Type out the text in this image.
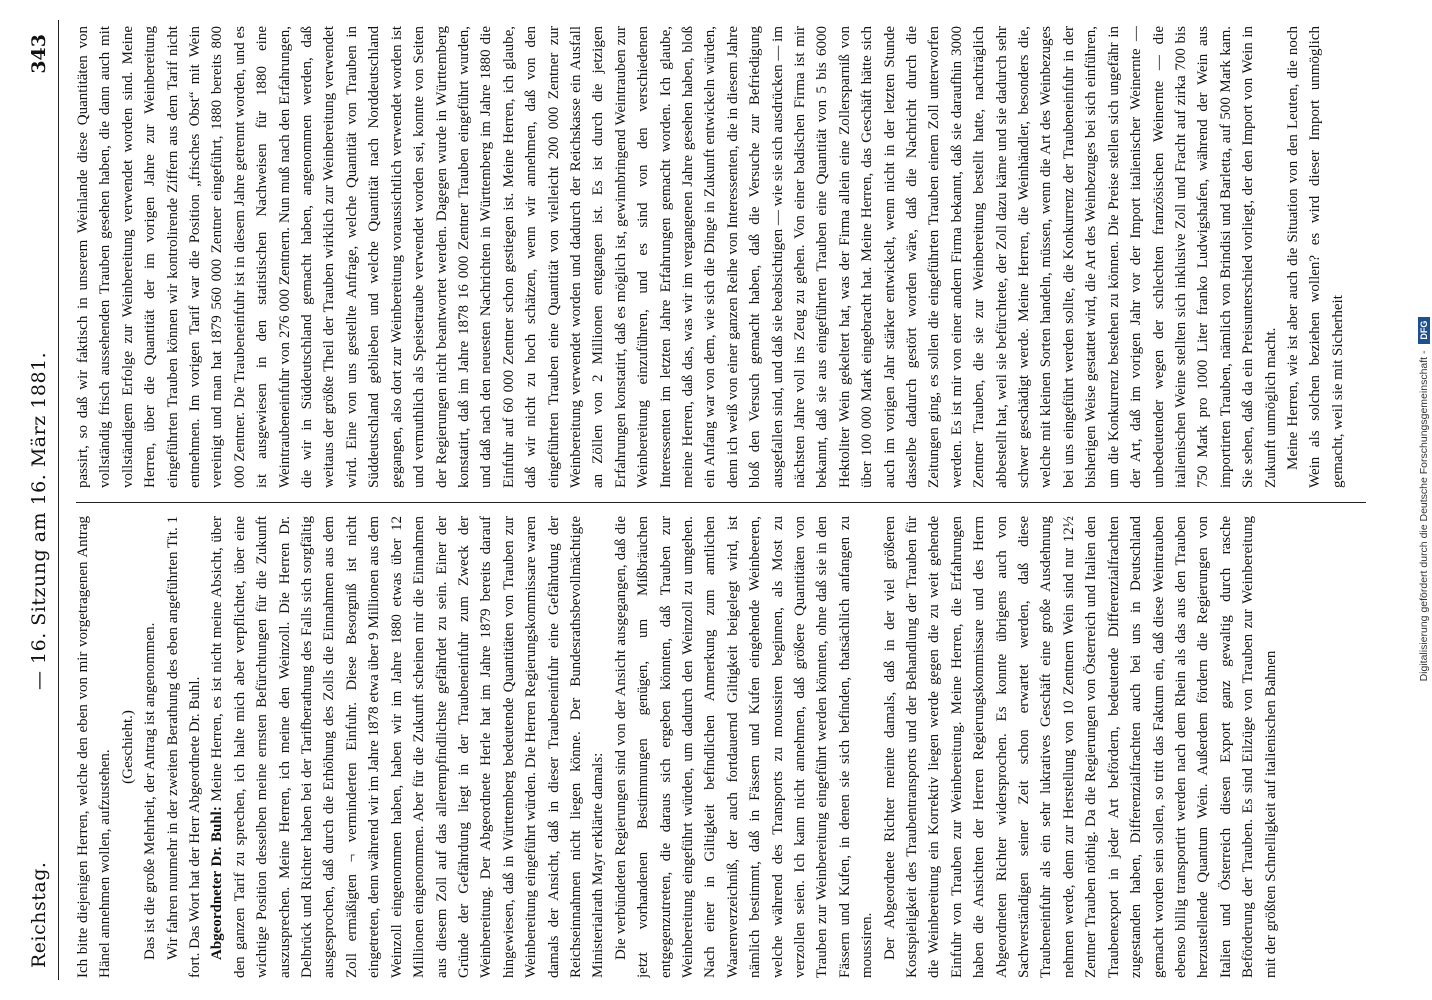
Reichstag.
— 16. Sitzung am 16. März 1881.
343

Ich bitte diejenigen Herren, welche den eben von mir vorgetragenen Antrag Hänel annehmen wollen, aufzustehen.

(Geschieht.) Das ist die große Mehrheit, der Antrag ist angenommen. Wir fahren nunmehr in der zweiten Berathung des eben angeführten Tit. 1 fort. Das Wort hat der Herr Abgeordnete Dr. Buhl. Abgeordneter Dr. Buhl: Meine Herren, es ist nicht meine Absicht, über den ganzen Tarif zu sprechen, ich halte mich aber verpflichtet, über eine wichtige Position desselben meine ernsten Befürchtungen für die Zukunft auszusprechen. Meine Herren, ich meine den Weinzoll. Die Herren Dr. Delbrück und Richter haben bei der Tarifberathung des Falls sich sorgfältig ausgesprochen, daß durch die Erhöhung des Zolls die Einnahmen aus dem Zoll ermäßigten ¬ verminderten Einfuhr. Diese Besorgniß ist nicht eingetreten, denn während wir im Jahre 1878 etwa über 9 Millionen aus dem Weinzoll eingenommen haben, haben wir im Jahre 1880 etwas über 12 Millionen eingenommen. Aber für die Zukunft scheinen mir die Einnahmen aus diesem Zoll auf das allerempfindlichste gefährdet zu sein. Einer der Gründe der Gefährdung liegt in der Traubeneinfuhr zum Zweck der Weinbereitung. Der Abgeordnete Herle hat im Jahre 1879 bereits darauf hingewiesen, daß in Württemberg bedeutende Quantitäten von Trauben zur Weinbereitung eingeführt würden. Die Herren Regierungskommissare waren damals der Ansicht, daß in dieser Traubeneinfuhr eine Gefährdung der Reichseinnahmen nicht liegen könne. Der Bundesrathsbevollmächtigte Ministerialrath Mayr erklärte damals: Die verbündeten Regierungen sind von der Ansicht ausgegangen, daß die jetzt vorhandenen Bestimmungen genügen, um Mißbräuchen entgegenzutreten, die daraus sich ergeben könnten, daß Trauben zur Weinbereitung eingeführt würden, um dadurch den Weinzoll zu umgehen. Nach einer in Giltigkeit befindlichen Anmerkung zum amtlichen Waarenverzeichniß, der auch fortdauernd Giltigkeit beigelegt wird, ist nämlich bestimmt, daß in Fässern und Kufen eingehende Weinbeeren, welche während des Transports zu moussiren beginnen, als Most zu verzollen seien. Ich kann nicht annehmen, daß größere Quantitäten von Trauben zur Weinbereitung eingeführt werden könnten, ohne daß sie in den Fässern und Kufen, in denen sie sich befinden, thatsächlich anfangen zu moussiren. Der Abgeordnete Richter meinte damals, daß in der viel größeren Kostspieligkeit des Traubentransports und der Behandlung der Trauben für die Weinbereitung ein Korrektiv liegen werde gegen die zu weit gehende Einfuhr von Trauben zur Weinbereitung. Meine Herren, die Erfahrungen haben die Ansichten der Herren Regierungskommissare und des Herrn Abgeordneten Richter widersprochen. Es konnte übrigens auch von Sachverständigen seiner Zeit schon erwartet werden, daß diese Traubeneinfuhr als ein sehr lukratives Geschäft eine große Ausdehnung nehmen werde, denn zur Herstellung von 10 Zentnern Wein sind nur 12½ Zentner Trauben nöthig. Da die Regierungen von Österreich und Italien den Traubenexport in jeder Art befördern, bedeutende Differenzialfrachten zugestanden haben, Differenzialfrachten auch bei uns in Deutschland gemacht worden sein sollen, so tritt das Faktum ein, daß diese Weintrauben ebenso billig transportirt werden nach dem Rhein als das aus den Trauben herzustellende Quantum Wein. Außerdem fördern die Regierungen von Italien und Österreich diesen Export ganz gewaltig durch rasche Beförderung der Trauben. Es sind Eilzüge von Trauben zur Weinbereitung mit der größten Schnelligkeit auf italienischen Bahnen

passirt, so daß wir faktisch in unserem Weinlande diese Quantitäten von vollständig frisch aussehenden Trauben gesehen haben, die dann auch mit vollständigem Erfolge zur Weinbereitung verwendet worden sind. Meine Herren, über die Quantität der im vorigen Jahre zur Weinbereitung eingeführten Trauben können wir kontrolirende Ziffern aus dem Tarif nicht entnehmen. Im vorigen Tarif war die Position „frisches Obst“ mit Wein vereinigt und man hat 1879 560 000 Zentner eingeführt, 1880 bereits 800 000 Zentner. Die Traubeneinfuhr ist in diesem Jahre getrennt worden, und es ist ausgewiesen in den statistischen Nachweisen für 1880 eine Weintraubeneinfuhr von 276 000 Zentnern. Nun muß nach den Erfahrungen, die wir in Süddeutschland gemacht haben, angenommen werden, daß weitaus der größte Theil der Trauben wirklich zur Weinbereitung verwendet wird. Eine von uns gestellte Anfrage, welche Quantität von Trauben in Süddeutschland geblieben und welche Quantität nach Norddeutschland gegangen, also dort zur Weinbereitung voraussichtlich verwendet worden ist und vermuthlich als Speisetraube verwendet worden sei, konnte von Seiten der Regierungen nicht beantwortet werden. Dagegen wurde in Württemberg konstatirt, daß im Jahre 1878 16 000 Zentner Trauben eingeführt wurden, und daß nach den neuesten Nachrichten in Württemberg im Jahre 1880 die Einfuhr auf 60 000 Zentner schon gestiegen ist. Meine Herren, ich glaube, daß wir nicht zu hoch schätzen, wenn wir annehmen, daß von den eingeführten Trauben eine Quantität von vielleicht 200 000 Zentner zur Weinbereitung verwendet worden und dadurch der Reichskasse ein Ausfall an Zöllen von 2 Millionen entgangen ist. Es ist durch die jetzigen Erfahrungen konstatirt, daß es möglich ist, gewinnbringend Weintrauben zur Weinbereitung einzuführen, und es sind von den verschiedenen Interessenten im letzten Jahre Erfahrungen gemacht worden. Ich glaube, meine Herren, daß das, was wir im vergangenen Jahre gesehen haben, bloß ein Anfang war von dem, wie sich die Dinge in Zukunft entwickeln würden, denn ich weiß von einer ganzen Reihe von Interessenten, die in diesem Jahre bloß den Versuch gemacht haben, daß die Versuche zur Befriedigung ausgefallen sind, und daß sie beabsichtigen — wie sie sich ausdrücken — im nächsten Jahre voll ins Zeug zu gehen. Von einer badischen Firma ist mir bekannt, daß sie aus eingeführten Trauben eine Quantität von 5 bis 6000 Hektoliter Wein gekeltert hat, was der Firma allein eine Zollersparniß von über 100 000 Mark eingebracht hat. Meine Herren, das Geschäft hätte sich auch im vorigen Jahr stärker entwickelt, wenn nicht in der letzten Stunde dasselbe dadurch gestört worden wäre, daß die Nachricht durch die Zeitungen ging, es sollen die eingeführten Trauben einem Zoll unterworfen werden. Es ist mir von einer andern Firma bekannt, daß sie daraufhin 3000 Zentner Trauben, die sie zur Weinbereitung bestellt hatte, nachträglich abbestellt hat, weil sie befürchtete, der Zoll dazu käme und sie dadurch sehr schwer geschädigt werde. Meine Herren, die Weinhändler, besonders die, welche mit kleinen Sorten handeln, müssen, wenn die Art des Weinbezuges bei uns eingeführt werden sollte, die Konkurrenz der Traubeneinfuhr in der bisherigen Weise gestattet wird, die Art des Weinbezuges bei sich einführen, um die Konkurrenz bestehen zu können. Die Preise stellen sich ungefähr in der Art, daß im vorigen Jahr vor der Import italienischer Weinernte — unbedeutender wegen der schlechten französischen Weinernte — die italienischen Weine stellten sich inklusive Zoll und Fracht auf zirka 700 bis 750 Mark pro 1000 Liter franko Ludwigshafen, während der Wein aus importirten Trauben, nämlich von Brindisi und Barletta, auf 500 Mark kam. Sie sehen, daß da ein Preisunterschied vorliegt, der den Import von Wein in Zukunft unmöglich macht. Meine Herren, wie ist aber auch die Situation von den Leuten, die noch Wein als solchen beziehen wollen? es wird dieser Import unmöglich gemacht, weil sie mit Sicherheit	Digitalisierung gefördert durch die Deutsche Forschungsgemeinschaft - DFG
